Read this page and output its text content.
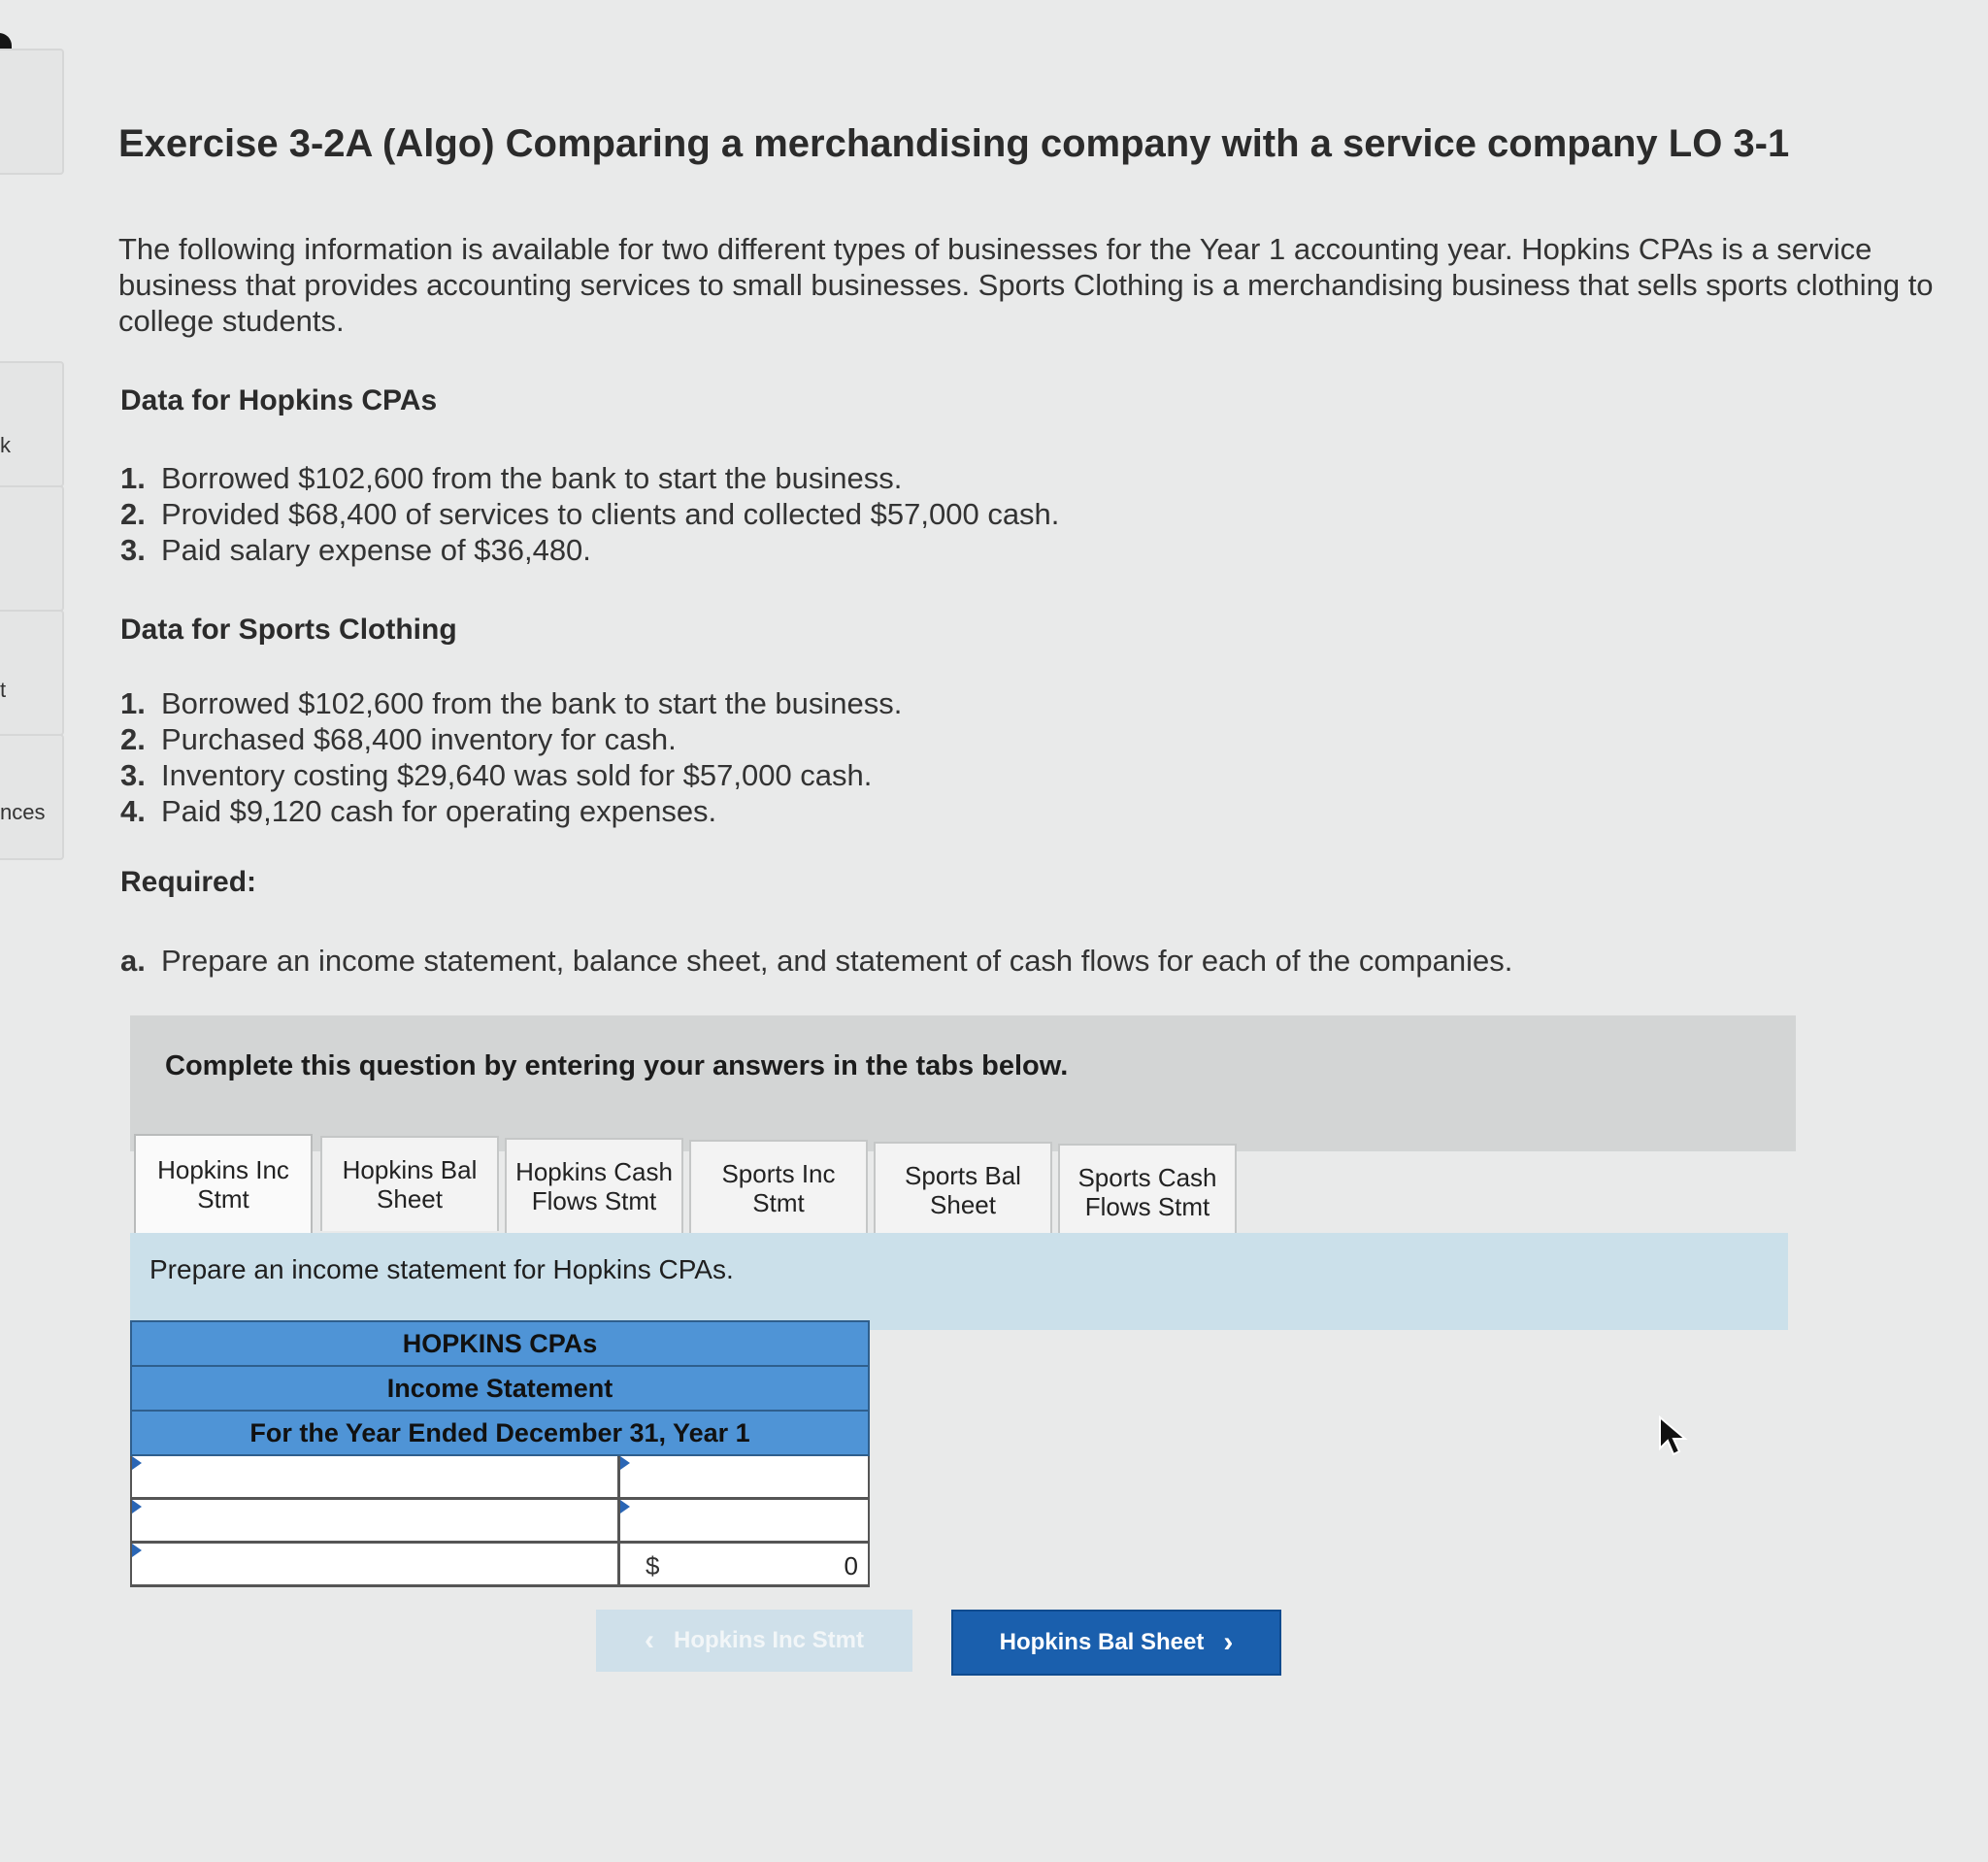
k
t
nces
Exercise 3-2A (Algo) Comparing a merchandising company with a service company LO 3-1
The following information is available for two different types of businesses for the Year 1 accounting year. Hopkins CPAs is a service business that provides accounting services to small businesses. Sports Clothing is a merchandising business that sells sports clothing to college students.
Data for Hopkins CPAs
1. Borrowed $102,600 from the bank to start the business.
2. Provided $68,400 of services to clients and collected $57,000 cash.
3. Paid salary expense of $36,480.
Data for Sports Clothing
1. Borrowed $102,600 from the bank to start the business.
2. Purchased $68,400 inventory for cash.
3. Inventory costing $29,640 was sold for $57,000 cash.
4. Paid $9,120 cash for operating expenses.
Required:
a. Prepare an income statement, balance sheet, and statement of cash flows for each of the companies.
Complete this question by entering your answers in the tabs below.
Hopkins Inc
Stmt
Hopkins Bal
Sheet
Hopkins Cash
Flows Stmt
Sports Inc
Stmt
Sports Bal
Sheet
Sports Cash
Flows Stmt
Prepare an income statement for Hopkins CPAs.
HOPKINS CPAs
Income Statement
For the Year Ended December 31, Year 1
$	0
‹ Hopkins Inc Stmt	Hopkins Bal Sheet ›
